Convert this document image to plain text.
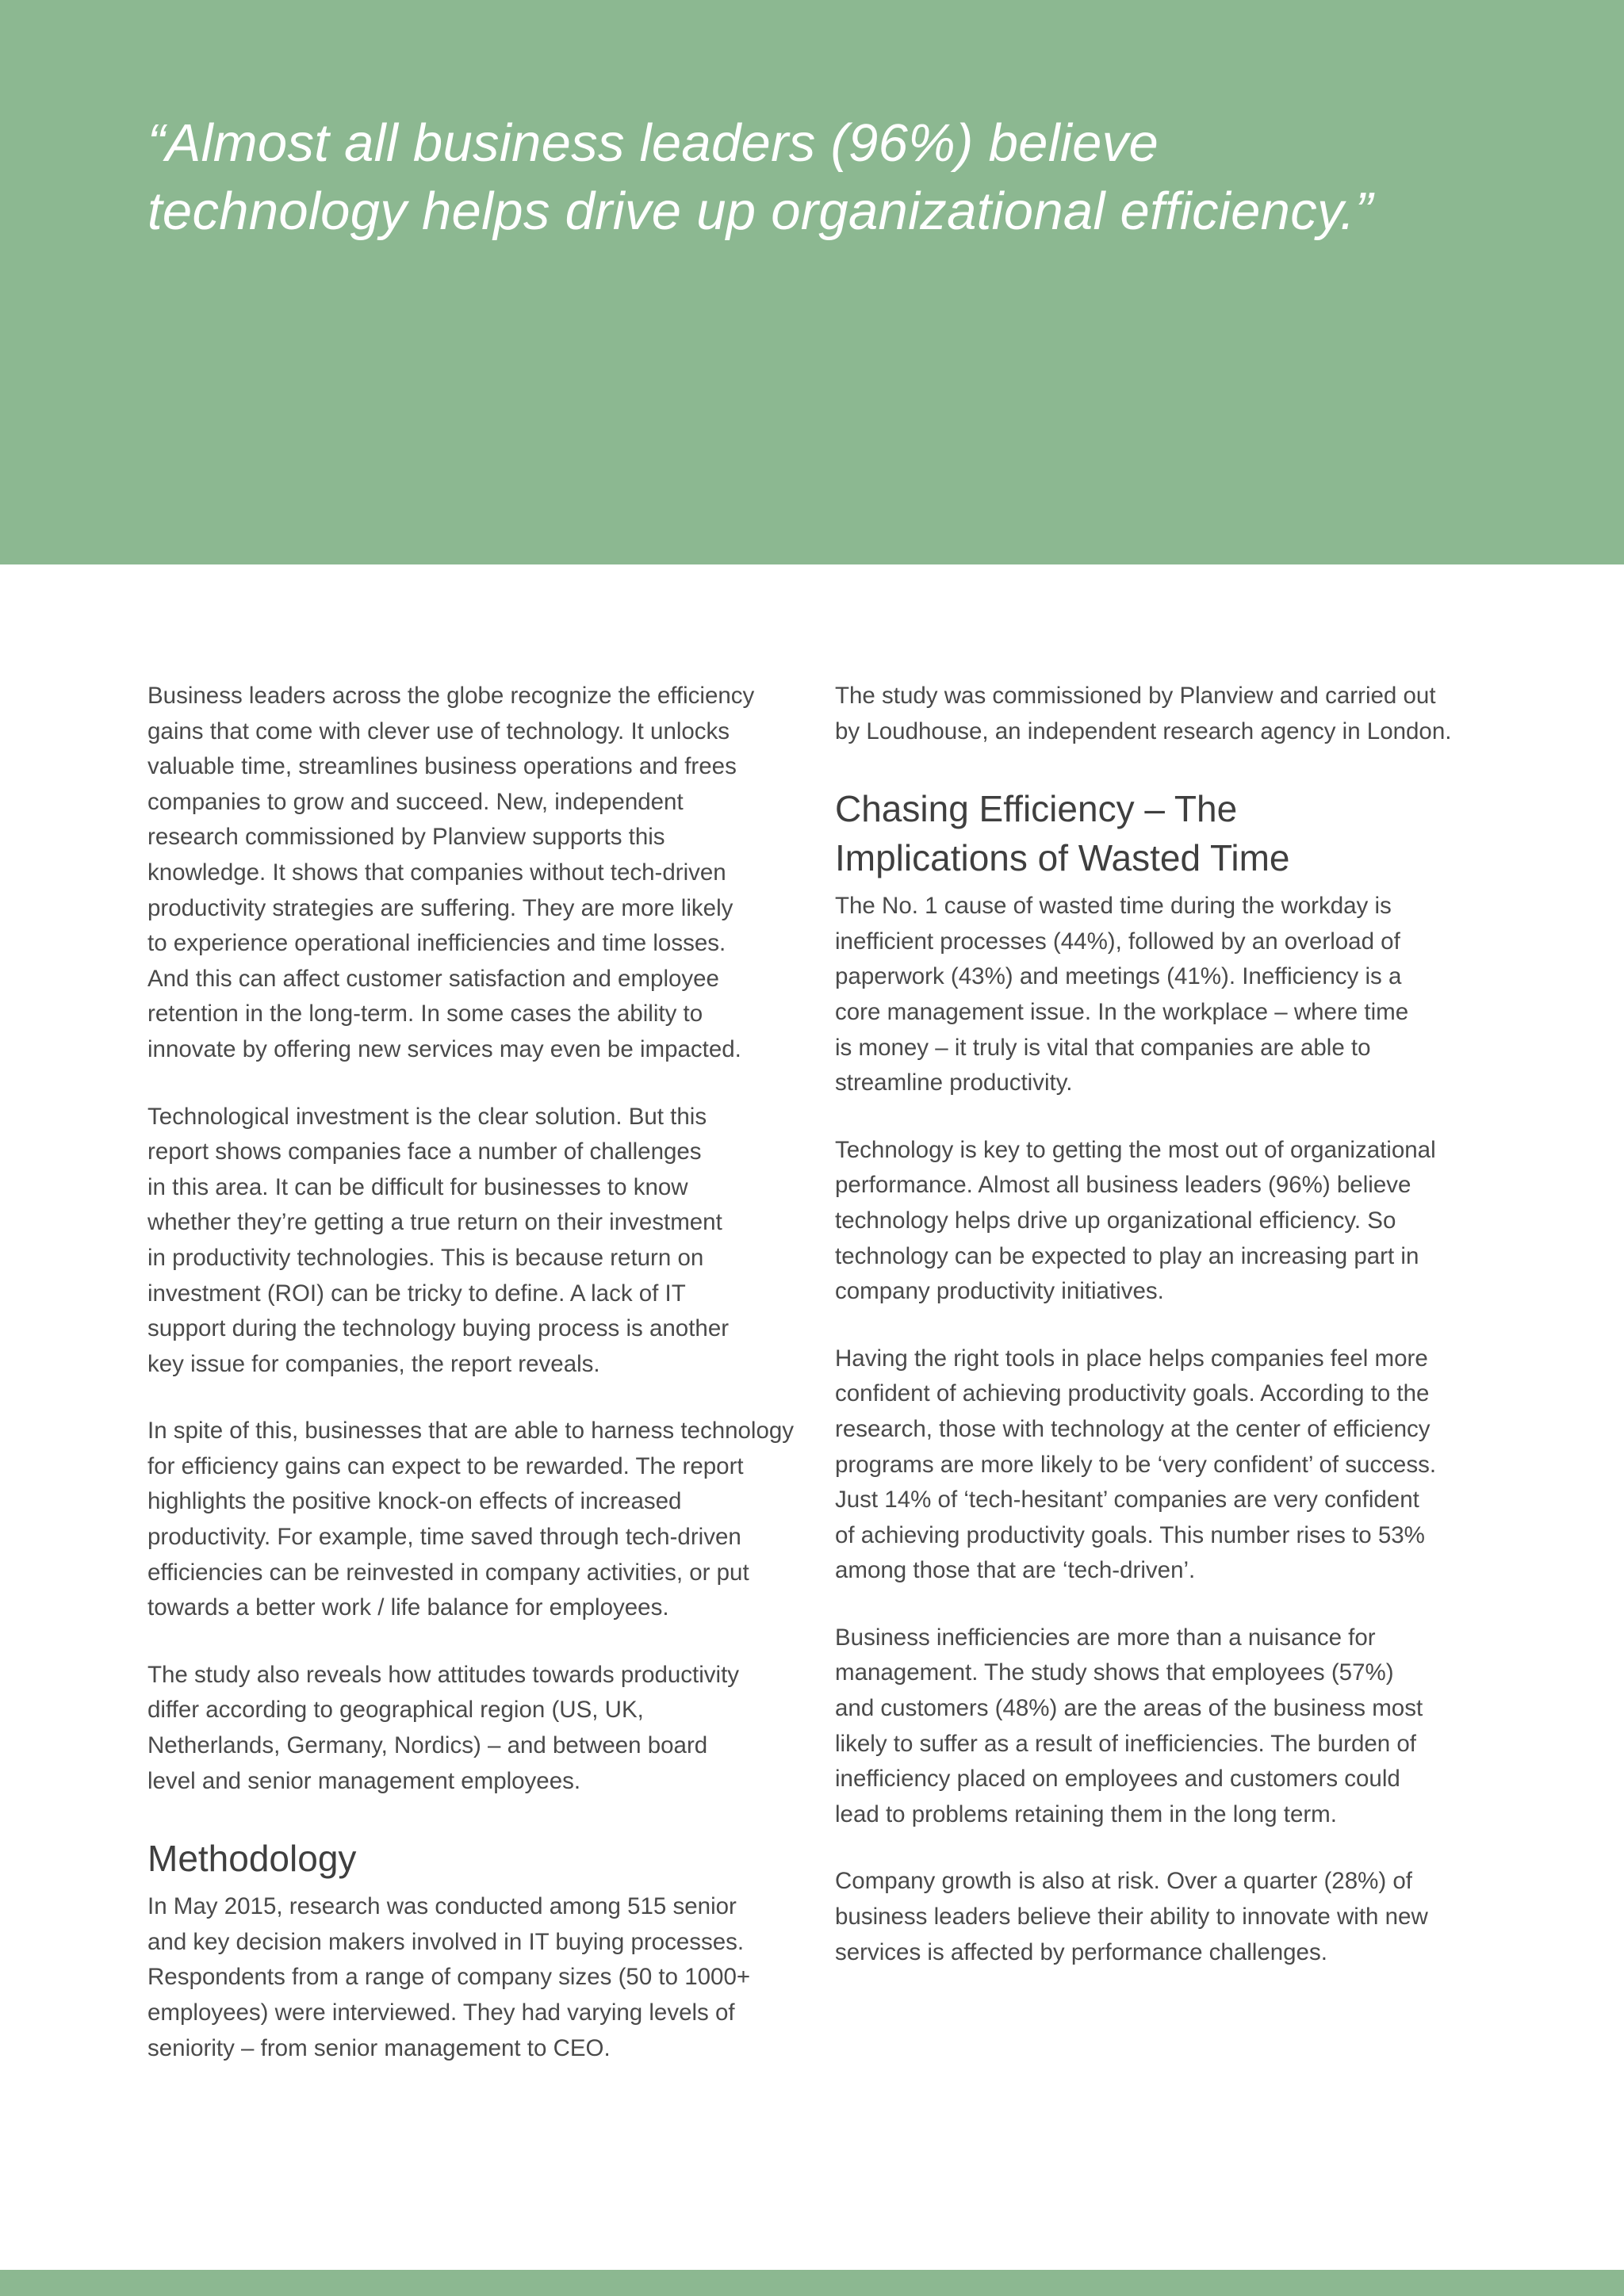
“Almost all business leaders (96%) believe
technology helps drive up organizational efficiency.”

Business leaders across the globe recognize the efficiency
gains that come with clever use of technology. It unlocks
valuable time, streamlines business operations and frees
companies to grow and succeed. New, independent
research commissioned by Planview supports this
knowledge. It shows that companies without tech-driven
productivity strategies are suffering. They are more likely
to experience operational inefficiencies and time losses.
And this can affect customer satisfaction and employee
retention in the long-term. In some cases the ability to
innovate by offering new services may even be impacted.

Technological investment is the clear solution. But this
report shows companies face a number of challenges
in this area. It can be difficult for businesses to know
whether they’re getting a true return on their investment
in productivity technologies. This is because return on
investment (ROI) can be tricky to define. A lack of IT
support during the technology buying process is another
key issue for companies, the report reveals.

In spite of this, businesses that are able to harness technology
for efficiency gains can expect to be rewarded. The report
highlights the positive knock-on effects of increased
productivity. For example, time saved through tech-driven
efficiencies can be reinvested in company activities, or put
towards a better work / life balance for employees.

The study also reveals how attitudes towards productivity
differ according to geographical region (US, UK,
Netherlands, Germany, Nordics) – and between board
level and senior management employees.

Methodology

In May 2015, research was conducted among 515 senior
and key decision makers involved in IT buying processes.
Respondents from a range of company sizes (50 to 1000+
employees) were interviewed. They had varying levels of
seniority – from senior management to CEO.

The study was commissioned by Planview and carried out
by Loudhouse, an independent research agency in London.

Chasing Efficiency – The
Implications of Wasted Time

The No. 1 cause of wasted time during the workday is
inefficient processes (44%), followed by an overload of
paperwork (43%) and meetings (41%). Inefficiency is a
core management issue. In the workplace – where time
is money – it truly is vital that companies are able to
streamline productivity.

Technology is key to getting the most out of organizational
performance. Almost all business leaders (96%) believe
technology helps drive up organizational efficiency. So
technology can be expected to play an increasing part in
company productivity initiatives.

Having the right tools in place helps companies feel more
confident of achieving productivity goals. According to the
research, those with technology at the center of efficiency
programs are more likely to be ‘very confident’ of success.
Just 14% of ‘tech-hesitant’ companies are very confident
of achieving productivity goals. This number rises to 53%
among those that are ‘tech-driven’.

Business inefficiencies are more than a nuisance for
management. The study shows that employees (57%)
and customers (48%) are the areas of the business most
likely to suffer as a result of inefficiencies. The burden of
inefficiency placed on employees and customers could
lead to problems retaining them in the long term.

Company growth is also at risk. Over a quarter (28%) of
business leaders believe their ability to innovate with new
services is affected by performance challenges.
